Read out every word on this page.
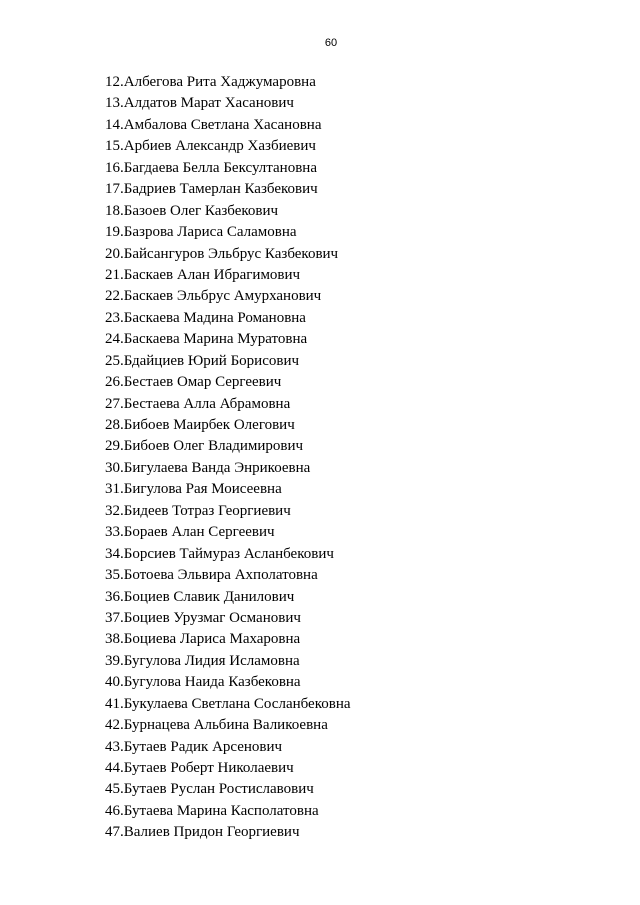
60
12.Албегова Рита Хаджумаровна
13.Алдатов Марат Хасанович
14.Амбалова Светлана Хасановна
15.Арбиев Александр Хазбиевич
16.Багдаева Белла Бексултановна
17.Бадриев Тамерлан Казбекович
18.Базоев Олег Казбекович
19.Базрова Лариса Саламовна
20.Байсангуров Эльбрус Казбекович
21.Баскаев Алан Ибрагимович
22.Баскаев Эльбрус Амурханович
23.Баскаева Мадина Романовна
24.Баскаева Марина Муратовна
25.Бдайциев Юрий Борисович
26.Бестаев Омар Сергеевич
27.Бестаева Алла Абрамовна
28.Бибоев Маирбек Олегович
29.Бибоев Олег Владимирович
30.Бигулаева Ванда Энрикоевна
31.Бигулова Рая Моисеевна
32.Бидеев Тотраз Георгиевич
33.Бораев Алан Сергеевич
34.Борсиев Таймураз Асланбекович
35.Ботоева Эльвира Ахполатовна
36.Боциев Славик Данилович
37.Боциев Урузмаг Османович
38.Боциева Лариса Махаровна
39.Бугулова Лидия Исламовна
40.Бугулова Наида Казбековна
41.Букулаева Светлана Сосланбековна
42.Бурнацева Альбина Валикоевна
43.Бутаев Радик Арсенович
44.Бутаев Роберт Николаевич
45.Бутаев Руслан Ростиславович
46.Бутаева Марина Касполатовна
47.Валиев Придон Георгиевич
